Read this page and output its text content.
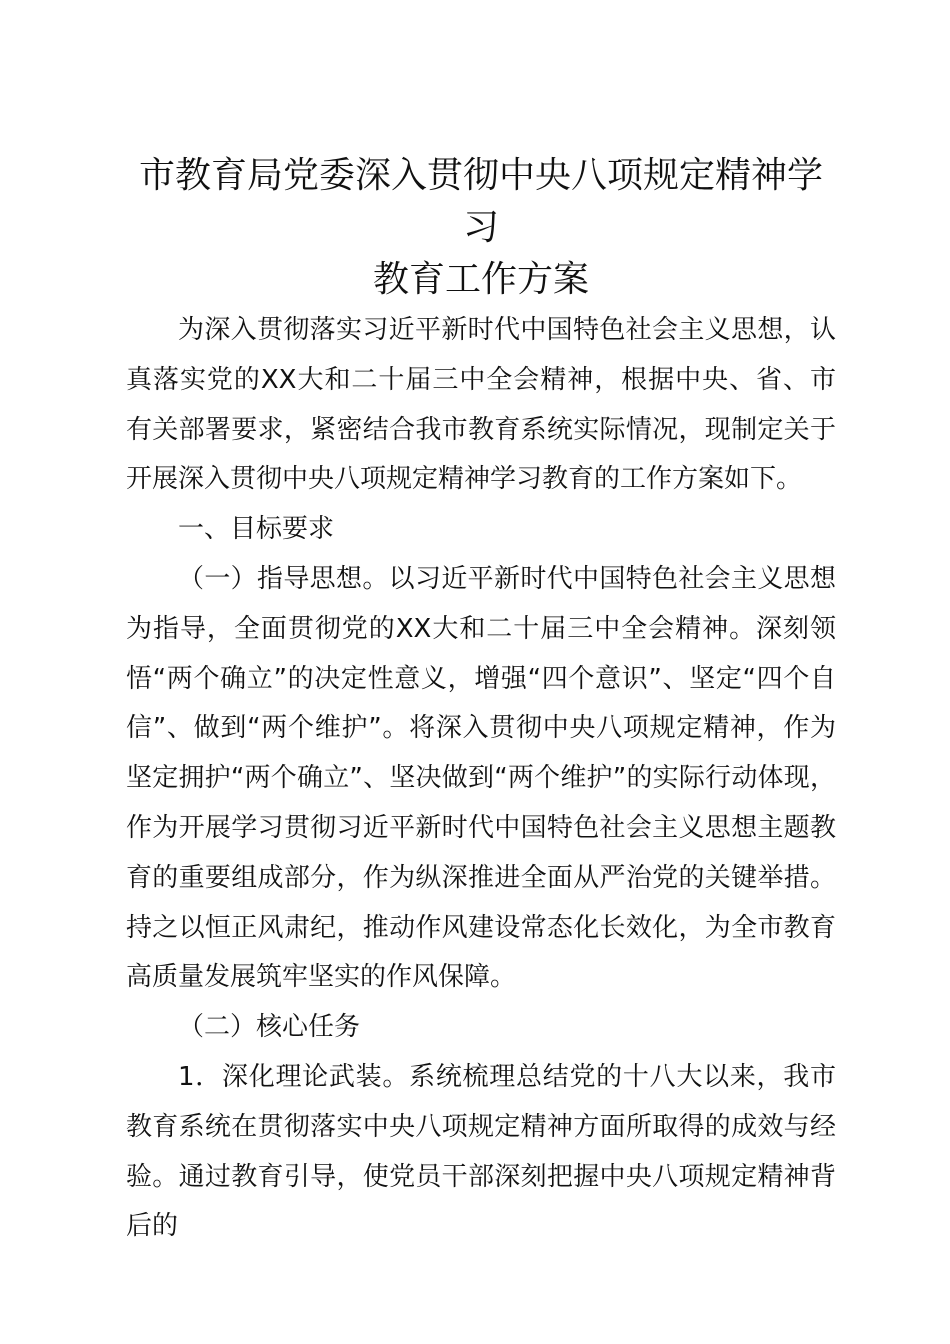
市教育局党委深入贯彻中央八项规定精神学习
教育工作方案

为深入贯彻落实习近平新时代中国特色社会主义思想，认真落实党的XX大和二十届三中全会精神，根据中央、省、市有关部署要求，紧密结合我市教育系统实际情况，现制定关于开展深入贯彻中央八项规定精神学习教育的工作方案如下。

一、目标要求

（一）指导思想。以习近平新时代中国特色社会主义思想为指导，全面贯彻党的XX大和二十届三中全会精神。深刻领悟“两个确立”的决定性意义，增强“四个意识”、坚定“四个自信”、做到“两个维护”。将深入贯彻中央八项规定精神，作为坚定拥护“两个确立”、坚决做到“两个维护”的实际行动体现，作为开展学习贯彻习近平新时代中国特色社会主义思想主题教育的重要组成部分，作为纵深推进全面从严治党的关键举措。持之以恒正风肃纪，推动作风建设常态化长效化，为全市教育高质量发展筑牢坚实的作风保障。

（二）核心任务

1．深化理论武装。系统梳理总结党的十八大以来，我市教育系统在贯彻落实中央八项规定精神方面所取得的成效与经验。通过教育引导，使党员干部深刻把握中央八项规定精神背后的
